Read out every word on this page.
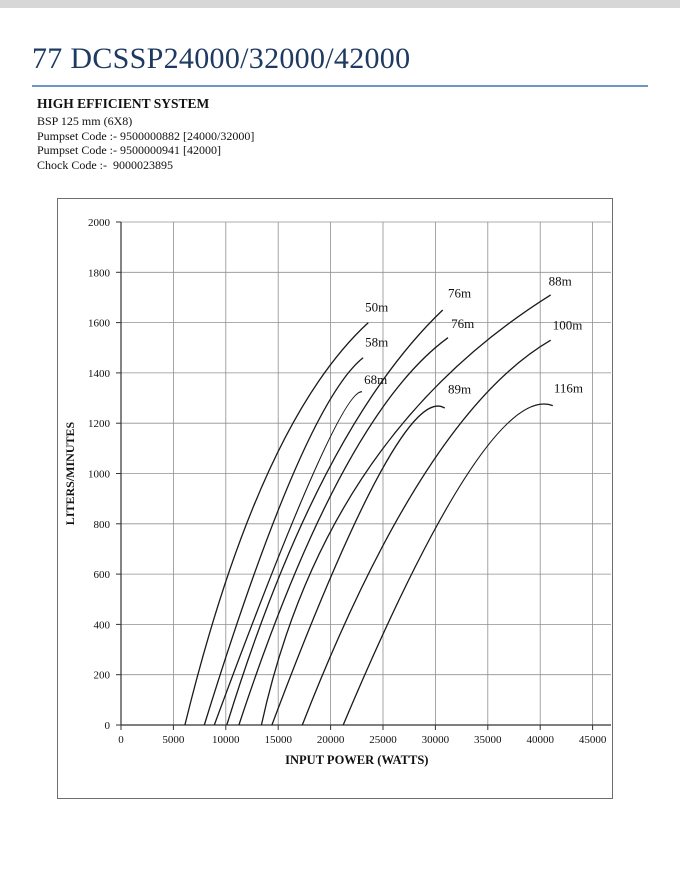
77 DCSSP24000/32000/42000
HIGH EFFICIENT SYSTEM
BSP 125 mm (6X8)
Pumpset Code :- 9500000882 [24000/32000]
Pumpset Code :- 9500000941 [42000]
Chock Code :-  9000023895
0
200
400
600
800
1000
1200
1400
1600
1800
2000
0	5000	10000 15000 20000 25000 30000 35000 40000 45000
INPUT POWER (WATTS)
LITERS/MINUTES
50m
58m
68m
76m
76m
88m
89m
100m
116m
